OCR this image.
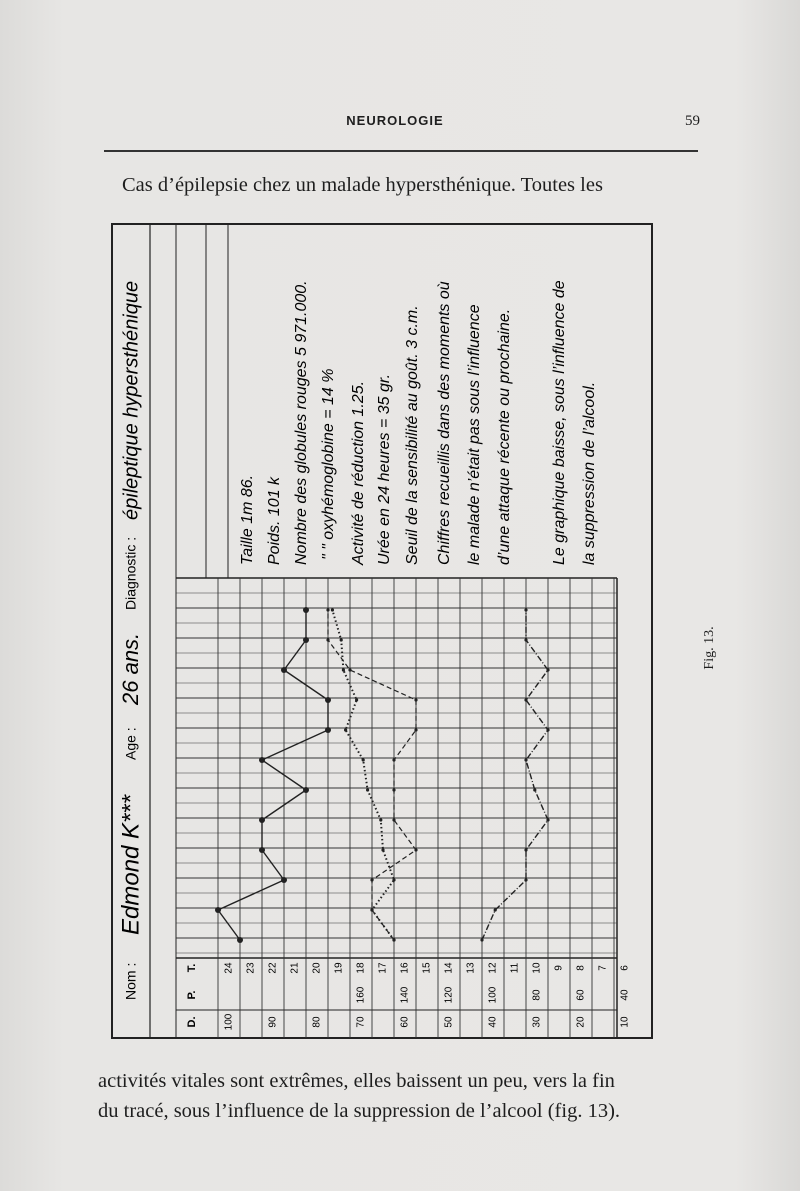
NEUROLOGIE	59
Cas d’épilepsie chez un malade hypersthénique. Toutes les
D.
P.
T.
100	90	80	70	60	50	40	30	20	10
160	140	120	100	80	60	40
24 23 22 21 20 19 18 17 16 15 14 13 12 11 10 9 8 7 6
Nom :
Edmond K***
Age :
26 ans.
Diagnostic :
épileptique hypersthénique	Taille 1m 86. Poids. 101 k Nombre des globules rouges 5 971.000. " " oxyhémoglobine = 14 % Activité de réduction 1.25. Urée en 24 heures = 35 gr. Seuil de la sensibilité au goût. 3 c.m. Chiffres recueillis dans des moments où le malade n’était pas sous l’influence d’une attaque récente ou prochaine. Le graphique baisse, sous l’influence de la suppression de l’alcool.
Fig. 13.
activités vitales sont extrêmes, elles baissent un peu, vers la fin
du tracé, sous l’influence de la suppression de l’alcool (fig. 13).
